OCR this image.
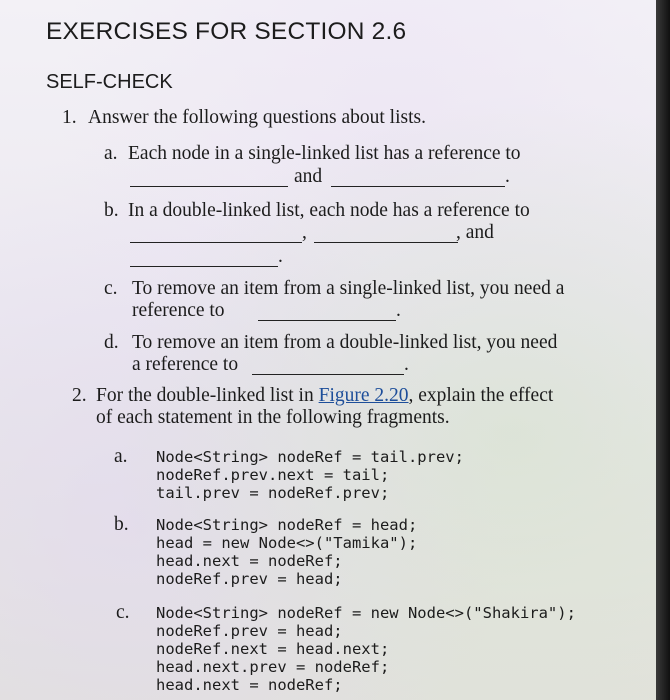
EXERCISES FOR SECTION 2.6
SELF-CHECK
1. Answer the following questions about lists.
a. Each node in a single-linked list has a reference to
and	.
b. In a double-linked list, each node has a reference to
,	, and
.
c. To remove an item from a single-linked list, you need a
reference to	.
d. To remove an item from a double-linked list, you need
a reference to	.
2. For the double-linked list in Figure 2.20, explain the effect
of each statement in the following fragments.
a. Node<String> nodeRef = tail.prev;
nodeRef.prev.next = tail;
tail.prev = nodeRef.prev;
b. Node<String> nodeRef = head;
head = new Node<>("Tamika");
head.next = nodeRef;
nodeRef.prev = head;
c. Node<String> nodeRef = new Node<>("Shakira");
nodeRef.prev = head;
nodeRef.next = head.next;
head.next.prev = nodeRef;
head.next = nodeRef;
